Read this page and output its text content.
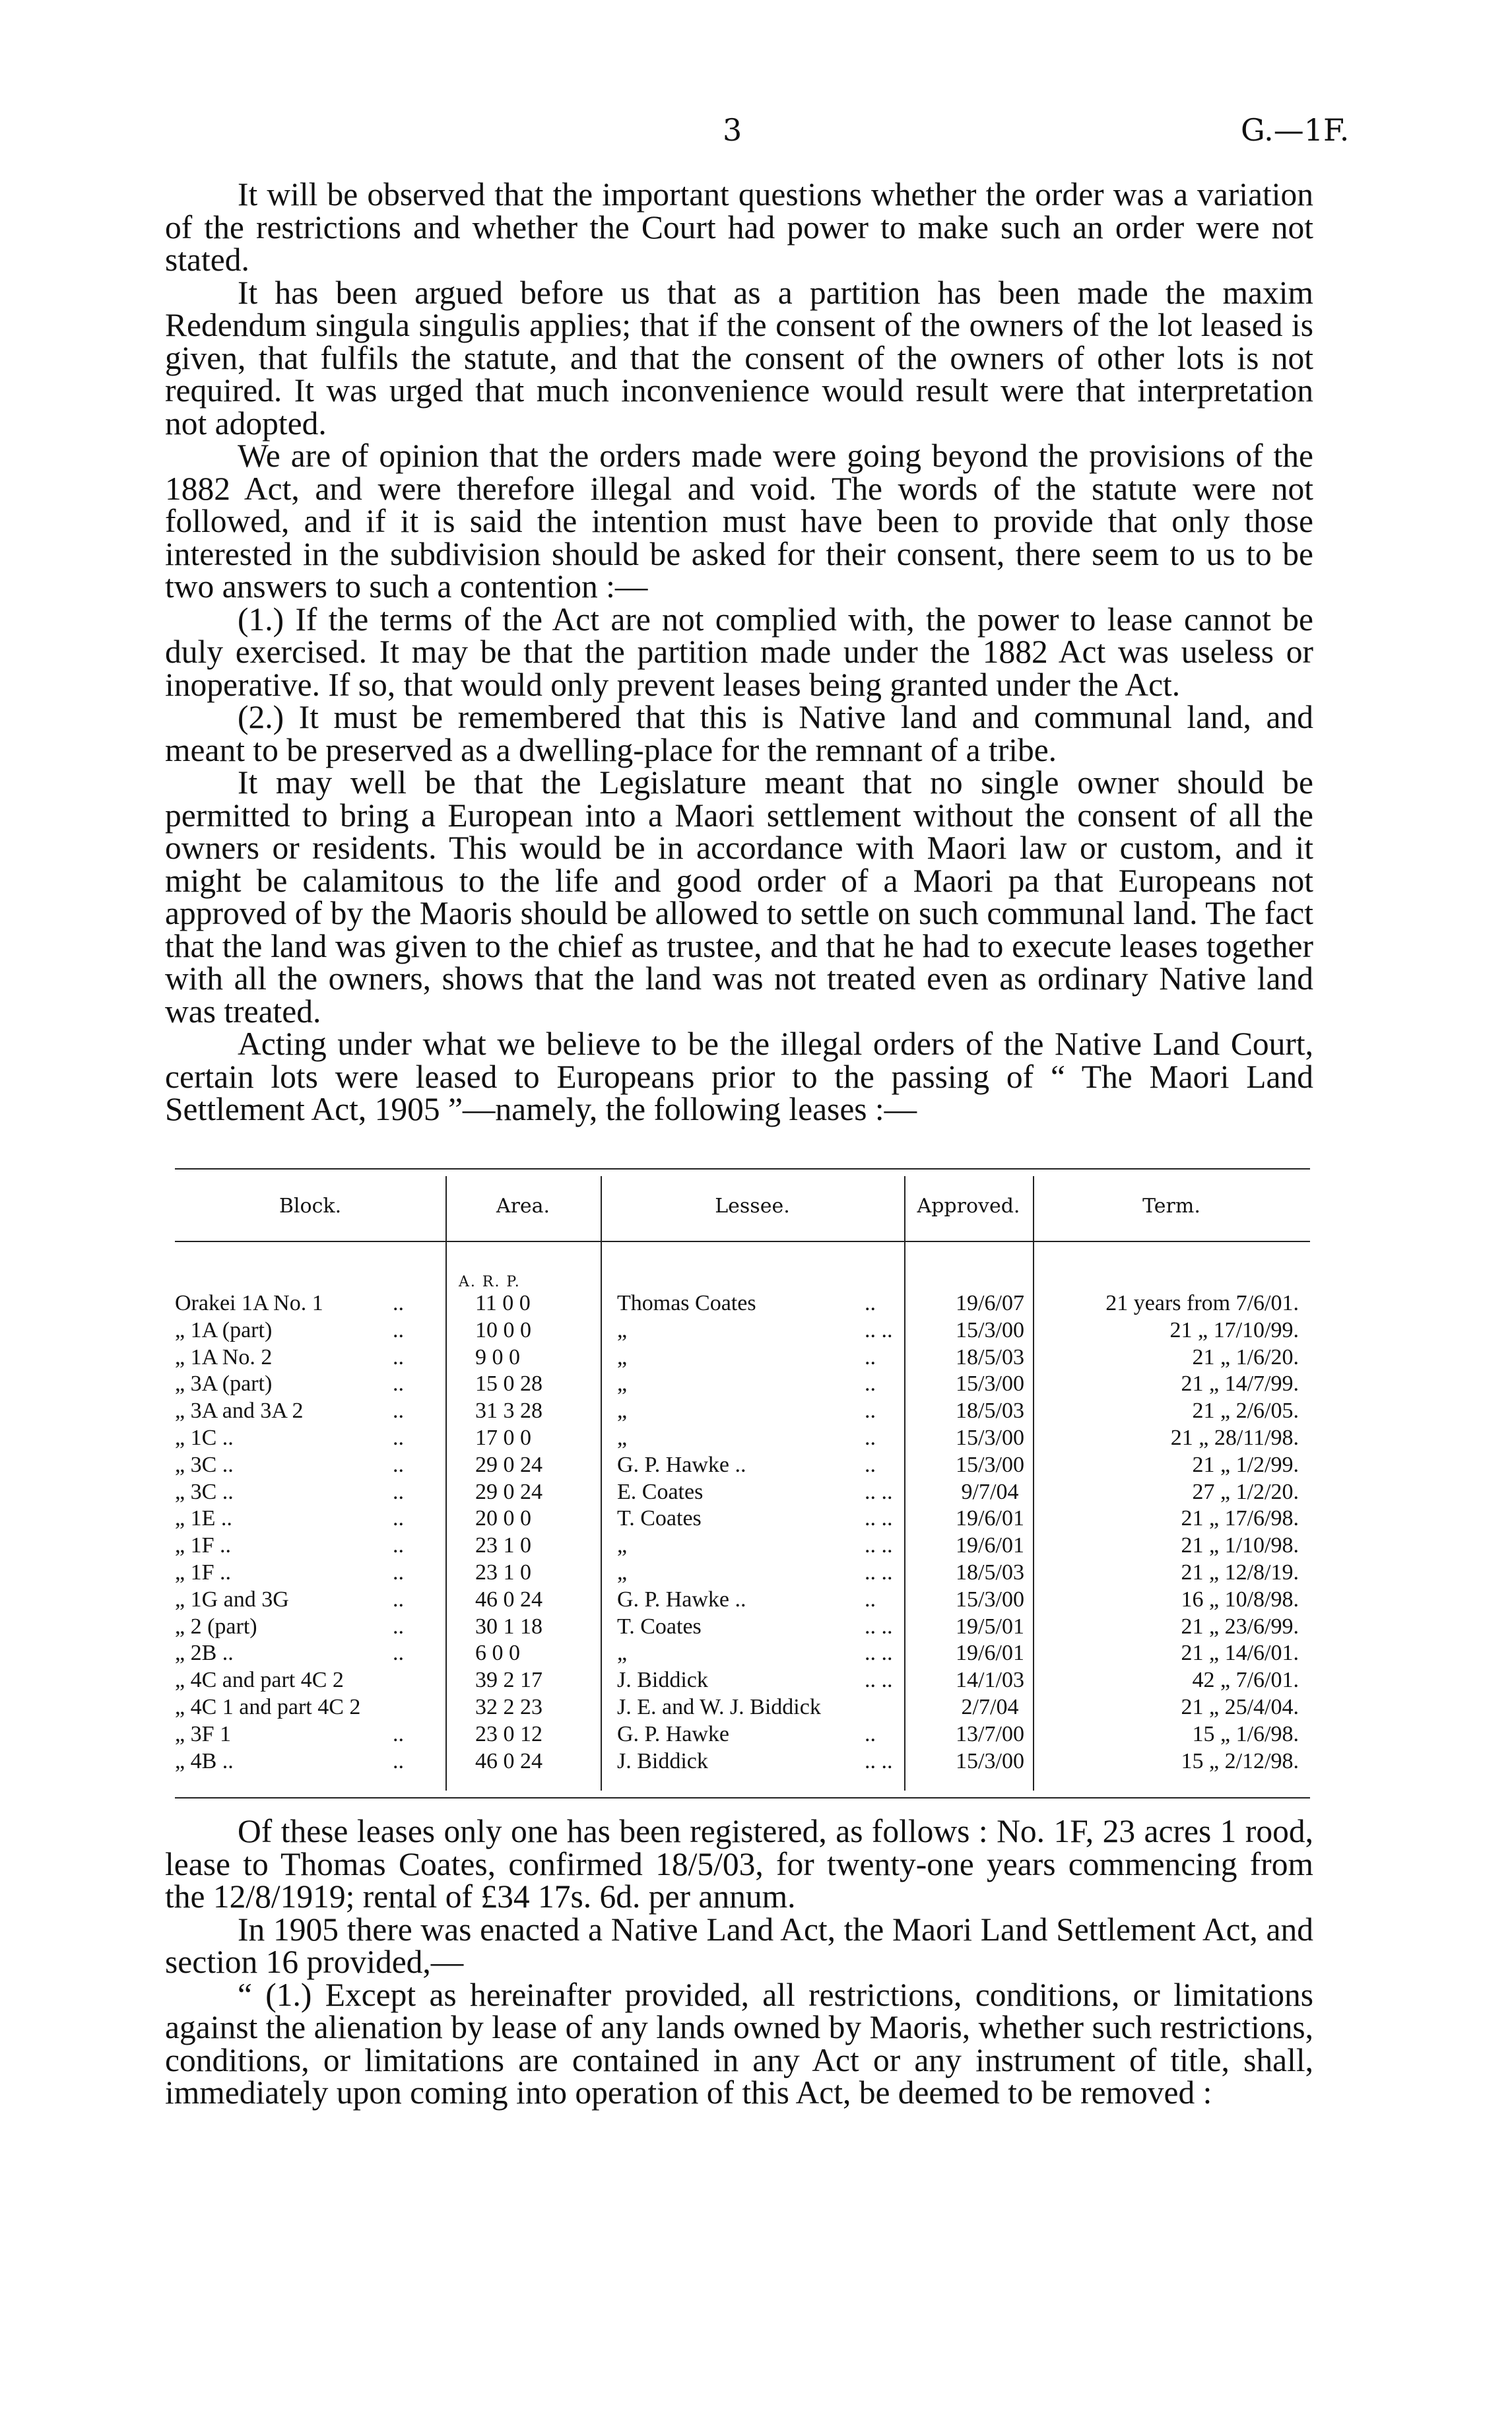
3	G.—1F.

It will be observed that the important questions whether the order was a variation of the restrictions and whether the Court had power to make such an order were not stated.

It has been argued before us that as a partition has been made the maxim Redendum singula singulis applies; that if the consent of the owners of the lot leased is given, that fulfils the statute, and that the consent of the owners of other lots is not required. It was urged that much inconvenience would result were that interpretation not adopted.

We are of opinion that the orders made were going beyond the provisions of the 1882 Act, and were therefore illegal and void. The words of the statute were not followed, and if it is said the intention must have been to provide that only those interested in the subdivision should be asked for their consent, there seem to us to be two answers to such a contention :—

(1.) If the terms of the Act are not complied with, the power to lease cannot be duly exercised. It may be that the partition made under the 1882 Act was useless or inoperative. If so, that would only prevent leases being granted under the Act.

(2.) It must be remembered that this is Native land and communal land, and meant to be preserved as a dwelling-place for the remnant of a tribe.

It may well be that the Legislature meant that no single owner should be permitted to bring a European into a Maori settlement without the consent of all the owners or residents. This would be in accordance with Maori law or custom, and it might be calamitous to the life and good order of a Maori pa that Europeans not approved of by the Maoris should be allowed to settle on such communal land. The fact that the land was given to the chief as trustee, and that he had to execute leases together with all the owners, shows that the land was not treated even as ordinary Native land was treated.

Acting under what we believe to be the illegal orders of the Native Land Court, certain lots were leased to Europeans prior to the passing of “ The Maori Land Settlement Act, 1905 ”—namely, the following leases :—

Block.	Area.	Lessee.	Approved.	Term.
A. R. P.
Orakei 1A No. 1	..	11 0 0	Thomas Coates	..	19/6/07	21 years from 7/6/01.
„ 1A (part)	..	10 0 0	„	.. ..	15/3/00	21 „ 17/10/99.
„ 1A No. 2	..	9 0 0	„	..	18/5/03	21 „ 1/6/20.
„ 3A (part)	..	15 0 28	„	..	15/3/00	21 „ 14/7/99.
„ 3A and 3A 2	..	31 3 28	„	..	18/5/03	21 „ 2/6/05.
„ 1C ..	..	17 0 0	„	..	15/3/00	21 „ 28/11/98.
„ 3C ..	..	29 0 24	G. P. Hawke ..	..	15/3/00	21 „ 1/2/99.
„ 3C ..	..	29 0 24	E. Coates	.. ..	9/7/04	27 „ 1/2/20.
„ 1E ..	..	20 0 0	T. Coates	.. ..	19/6/01	21 „ 17/6/98.
„ 1F ..	..	23 1 0	„	.. ..	19/6/01	21 „ 1/10/98.
„ 1F ..	..	23 1 0	„	.. ..	18/5/03	21 „ 12/8/19.
„ 1G and 3G	..	46 0 24	G. P. Hawke ..	..	15/3/00	16 „ 10/8/98.
„ 2 (part)	..	30 1 18	T. Coates	.. ..	19/5/01	21 „ 23/6/99.
„ 2B ..	..	6 0 0	„	.. ..	19/6/01	21 „ 14/6/01.
„ 4C and part 4C 2	39 2 17	J. Biddick	.. ..	14/1/03	42 „ 7/6/01.
„ 4C 1 and part 4C 2	32 2 23	J. E. and W. J. Biddick	2/7/04	21 „ 25/4/04.
„ 3F 1	..	23 0 12	G. P. Hawke	..	13/7/00	15 „ 1/6/98.
„ 4B ..	..	46 0 24	J. Biddick	.. ..	15/3/00	15 „ 2/12/98.

Of these leases only one has been registered, as follows : No. 1F, 23 acres 1 rood, lease to Thomas Coates, confirmed 18/5/03, for twenty-one years commencing from the 12/8/1919; rental of £34 17s. 6d. per annum.

In 1905 there was enacted a Native Land Act, the Maori Land Settlement Act, and section 16 provided,—

“ (1.) Except as hereinafter provided, all restrictions, conditions, or limitations against the alienation by lease of any lands owned by Maoris, whether such restrictions, conditions, or limitations are contained in any Act or any instrument of title, shall, immediately upon coming into operation of this Act, be deemed to be removed :
